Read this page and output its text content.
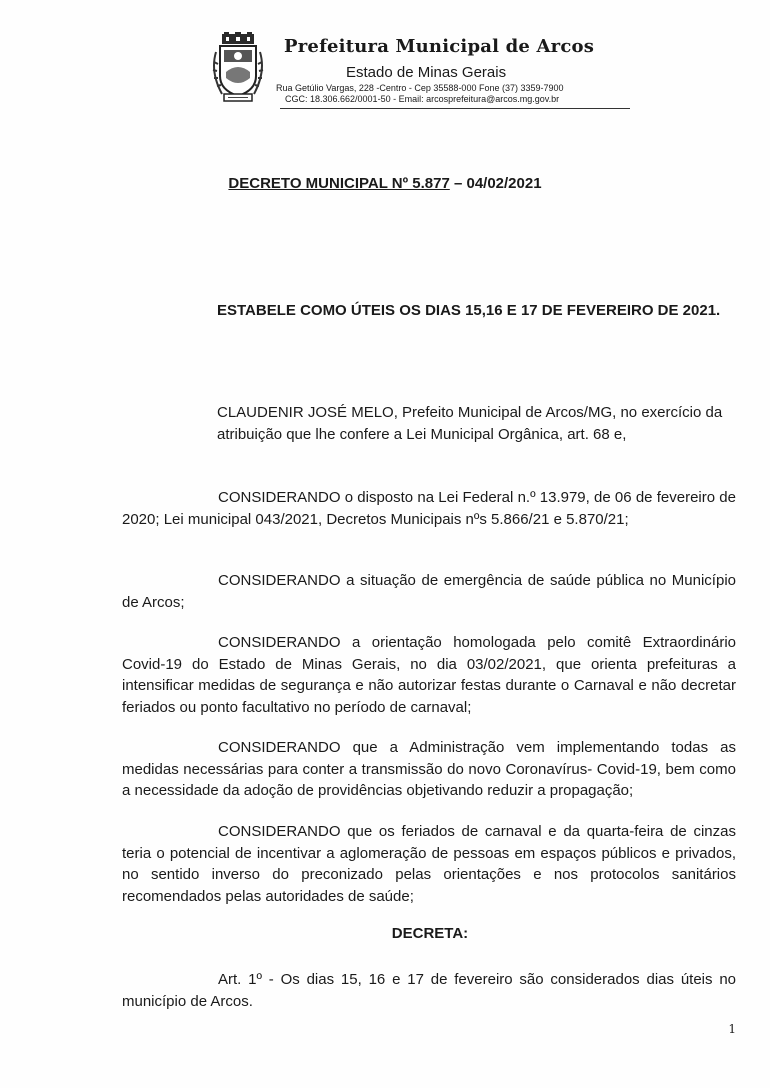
Prefeitura Municipal de Arcos
Estado de Minas Gerais
Rua Getúlio Vargas, 228 -Centro - Cep 35588-000 Fone (37) 3359-7900
CGC: 18.306.662/0001-50 - Email: arcosprefeitura@arcos.mg.gov.br
DECRETO MUNICIPAL Nº 5.877 – 04/02/2021
ESTABELE COMO ÚTEIS OS DIAS 15,16 E 17 DE FEVEREIRO DE 2021.
CLAUDENIR JOSÉ MELO, Prefeito Municipal de Arcos/MG, no exercício da atribuição que lhe confere a Lei Municipal Orgânica, art. 68 e,
CONSIDERANDO o disposto na Lei Federal n.º 13.979, de 06 de fevereiro de 2020; Lei municipal 043/2021, Decretos Municipais nºs 5.866/21 e 5.870/21;
CONSIDERANDO a situação de emergência de saúde pública no Município de Arcos;
CONSIDERANDO a orientação homologada pelo comitê Extraordinário Covid-19 do Estado de Minas Gerais, no dia 03/02/2021, que orienta prefeituras a intensificar medidas de segurança e não autorizar festas durante o Carnaval e não decretar feriados ou ponto facultativo no período de carnaval;
CONSIDERANDO que a Administração vem implementando todas as medidas necessárias para conter a transmissão do novo Coronavírus- Covid-19, bem como a necessidade da adoção de providências objetivando reduzir a propagação;
CONSIDERANDO que os feriados de carnaval e da quarta-feira de cinzas teria o potencial de incentivar a aglomeração de pessoas em espaços públicos e privados, no sentido inverso do preconizado pelas orientações e nos protocolos sanitários recomendados pelas autoridades de saúde;
DECRETA:
Art. 1º - Os dias 15, 16 e 17 de fevereiro são considerados dias úteis no município de Arcos.
1
